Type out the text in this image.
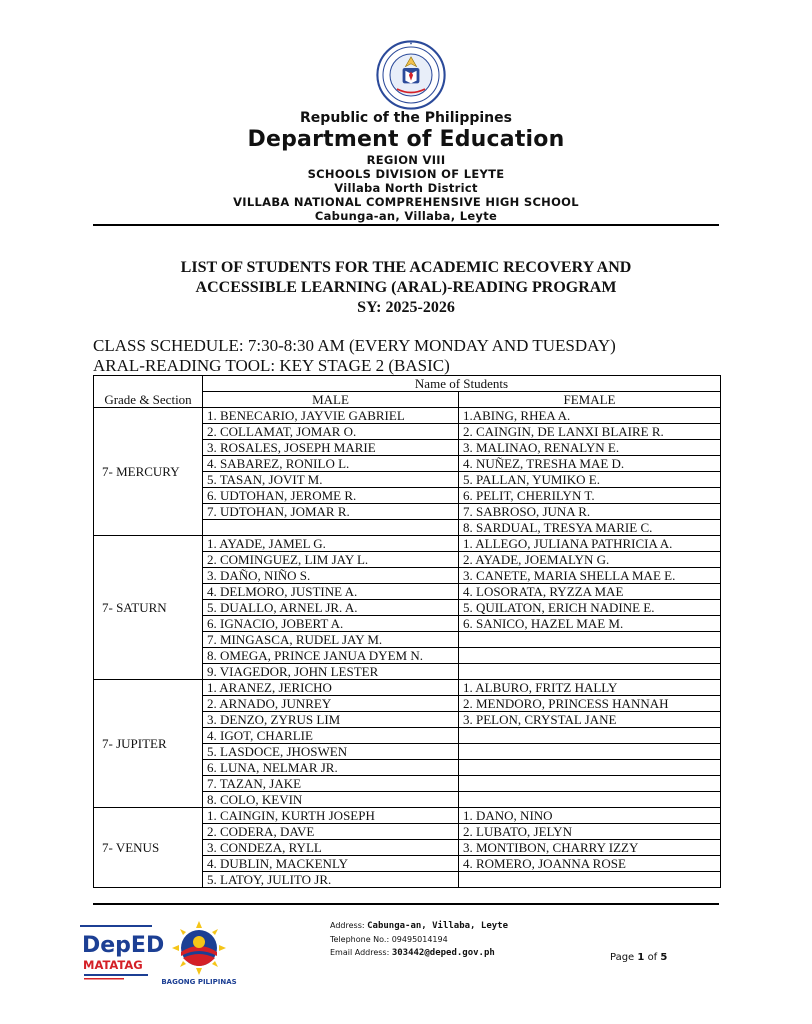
Republic of the Philippines
Department of Education
REGION VIII
SCHOOLS DIVISION OF LEYTE
Villaba North District
VILLABA NATIONAL COMPREHENSIVE HIGH SCHOOL
Cabunga-an, Villaba, Leyte
LIST OF STUDENTS FOR THE ACADEMIC RECOVERY AND
ACCESSIBLE LEARNING (ARAL)-READING PROGRAM
SY: 2025-2026
CLASS SCHEDULE: 7:30-8:30 AM (EVERY MONDAY AND TUESDAY)
ARAL-READING TOOL: KEY STAGE 2 (BASIC)
Grade & Section	Name of Students	
	MALE	FEMALE
7- MERCURY	1. BENECARIO, JAYVIE GABRIEL	1.ABING, RHEA A.
	2. COLLAMAT, JOMAR O.	2. CAINGIN, DE LANXI BLAIRE R.
	3. ROSALES, JOSEPH MARIE	3. MALINAO, RENALYN E.
	4. SABAREZ, RONILO L.	4. NUÑEZ, TRESHA MAE D.
	5. TASAN, JOVIT M.	5. PALLAN, YUMIKO E.
	6. UDTOHAN, JEROME R.	6. PELIT, CHERILYN T.
	7. UDTOHAN, JOMAR R.	7. SABROSO, JUNA R.
		8. SARDUAL, TRESYA MARIE C.
7- SATURN	1. AYADE, JAMEL G.	1. ALLEGO, JULIANA PATHRICIA A.
	2. COMINGUEZ, LIM JAY L.	2. AYADE, JOEMALYN G.
	3. DAÑO, NIÑO S.	3. CANETE, MARIA SHELLA MAE E.
	4. DELMORO, JUSTINE A.	4. LOSORATA, RYZZA MAE
	5. DUALLO, ARNEL JR. A.	5. QUILATON, ERICH NADINE E.
	6. IGNACIO, JOBERT A.	6. SANICO, HAZEL MAE M.
	7. MINGASCA, RUDEL JAY M.	
	8. OMEGA, PRINCE JANUA DYEM N.	
	9. VIAGEDOR, JOHN LESTER	
7- JUPITER	1. ARANEZ, JERICHO	1. ALBURO, FRITZ HALLY
	2. ARNADO, JUNREY	2. MENDORO, PRINCESS HANNAH
	3. DENZO, ZYRUS LIM	3. PELON, CRYSTAL JANE
	4. IGOT, CHARLIE	
	5. LASDOCE, JHOSWEN	
	6. LUNA, NELMAR JR.	
	7. TAZAN, JAKE	
	8. COLO, KEVIN	
7- VENUS	1. CAINGIN, KURTH JOSEPH	1. DANO, NINO
	2. CODERA, DAVE	2. LUBATO, JELYN
	3. CONDEZA, RYLL	3. MONTIBON, CHARRY IZZY
	4. DUBLIN, MACKENLY	4. ROMERO, JOANNA ROSE
	5. LATOY, JULITO JR.	
DepED
MATATAG
BAGONG PILIPINAS
Address: Cabunga-an, Villaba, Leyte
Telephone No.: 09495014194
Email Address: 303442@deped.gov.ph	Page 1 of 5
